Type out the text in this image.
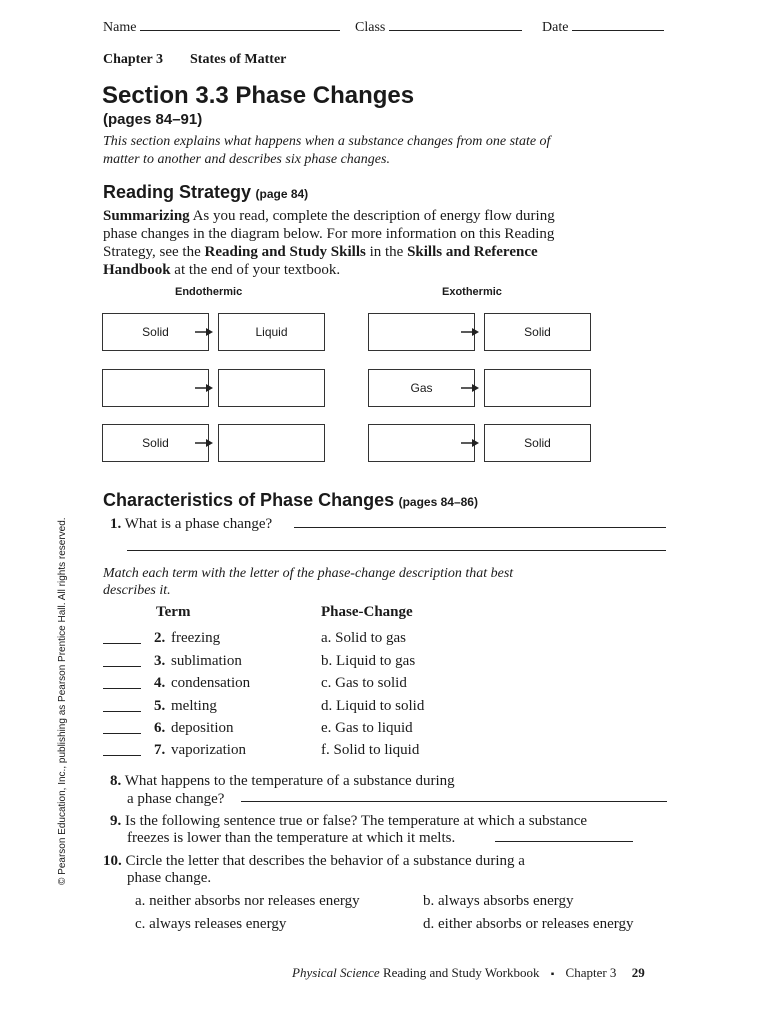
Name	Class	Date
Chapter 3 States of Matter
Section 3.3 Phase Changes
(pages 84–91)
This section explains what happens when a substance changes from one state of matter to another and describes six phase changes.
Reading Strategy (page 84)
Summarizing As you read, complete the description of energy flow during phase changes in the diagram below. For more information on this Reading Strategy, see the Reading and Study Skills in the Skills and Reference Handbook at the end of your textbook.
Endothermic	Exothermic
Solid	Liquid
Solid
Solid
Gas
Solid
Characteristics of Phase Changes (pages 84–86)
1. What is a phase change?
Match each term with the letter of the phase-change description that best describes it.
Term	Phase-Change
2. freezing	a. Solid to gas
3. sublimation	b. Liquid to gas
4. condensation	c. Gas to solid
5. melting	d. Liquid to solid
6. deposition	e. Gas to liquid
7. vaporization	f. Solid to liquid
8. What happens to the temperature of a substance during
a phase change?
9. Is the following sentence true or false? The temperature at which a substance
freezes is lower than the temperature at which it melts.
10. Circle the letter that describes the behavior of a substance during a
phase change.
a. neither absorbs nor releases energy	b. always absorbs energy
c. always releases energy	d. either absorbs or releases energy
© Pearson Education, Inc., publishing as Pearson Prentice Hall. All rights reserved.
Physical Science Reading and Study Workbook ▪ Chapter 3 29
